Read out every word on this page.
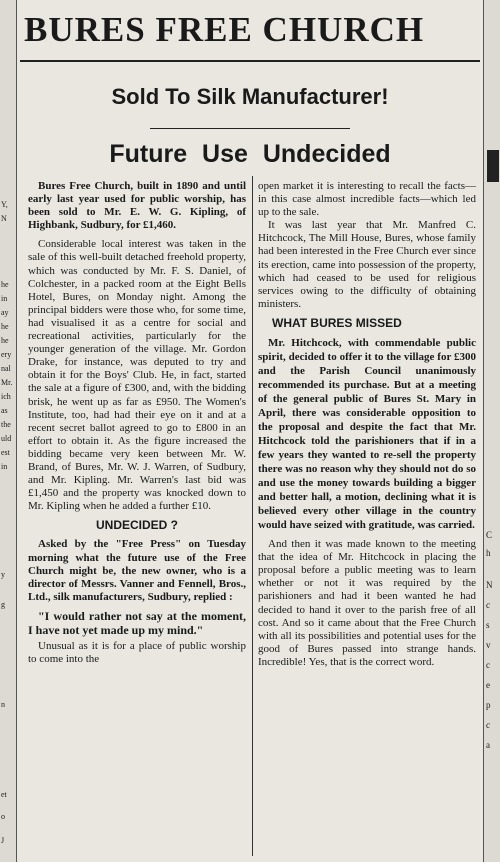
Y,
N
he
in
ay
he
he
ery
nal
Mr.
ich
as
the
uld
est
in
y
g
n
et
o
J
C
h
N
c
s
v
c
e
p
c
a
BURES FREE CHURCH
Sold To Silk Manufacturer!
Future Use Undecided

Bures Free Church, built in 1890 and until early last year used for public worship, has been sold to Mr. E. W. G. Kipling, of Highbank, Sudbury, for £1,460.

Considerable local interest was taken in the sale of this well-built detached freehold property, which was conducted by Mr. F. S. Daniel, of Colchester, in a packed room at the Eight Bells Hotel, Bures, on Monday night. Among the principal bidders were those who, for some time, had visualised it as a centre for social and recreational activities, particularly for the younger generation of the village. Mr. Gordon Drake, for instance, was deputed to try and obtain it for the Boys' Club. He, in fact, started the sale at a figure of £300, and, with the bidding brisk, he went up as far as £950. The Women's Institute, too, had had their eye on it and at a recent secret ballot agreed to go to £800 in an effort to obtain it. As the figure increased the bidding became very keen between Mr. W. Brand, of Bures, Mr. W. J. Warren, of Sudbury, and Mr. Kipling. Mr. Warren's last bid was £1,450 and the property was knocked down to Mr. Kipling when he added a further £10.

UNDECIDED ?

Asked by the "Free Press" on Tuesday morning what the future use of the Free Church might be, the new owner, who is a director of Messrs. Vanner and Fennell, Bros., Ltd., silk manufacturers, Sudbury, replied :

"I would rather not say at the moment, I have not yet made up my mind."

Unusual as it is for a place of public worship to come into the

open market it is interesting to recall the facts—in this case almost incredible facts—which led up to the sale.

It was last year that Mr. Manfred C. Hitchcock, The Mill House, Bures, whose family had been interested in the Free Church ever since its erection, came into possession of the property, which had ceased to be used for religious services owing to the difficulty of obtaining ministers.

WHAT BURES MISSED

Mr. Hitchcock, with commendable public spirit, decided to offer it to the village for £300 and the Parish Council unanimously recommended its purchase. But at a meeting of the general public of Bures St. Mary in April, there was considerable opposition to the proposal and despite the fact that Mr. Hitchcock told the parishioners that if in a few years they wanted to re-sell the property there was no reason why they should not do so and use the money towards building a bigger and better hall, a motion, declining what it is believed every other village in the country would have seized with gratitude, was carried.

And then it was made known to the meeting that the idea of Mr. Hitchcock in placing the proposal before a public meeting was to learn whether or not it was required by the parishioners and had it been wanted he had decided to hand it over to the parish free of all cost. And so it came about that the Free Church with all its possibilities and potential uses for the good of Bures passed into strange hands. Incredible! Yes, that is the correct word.
